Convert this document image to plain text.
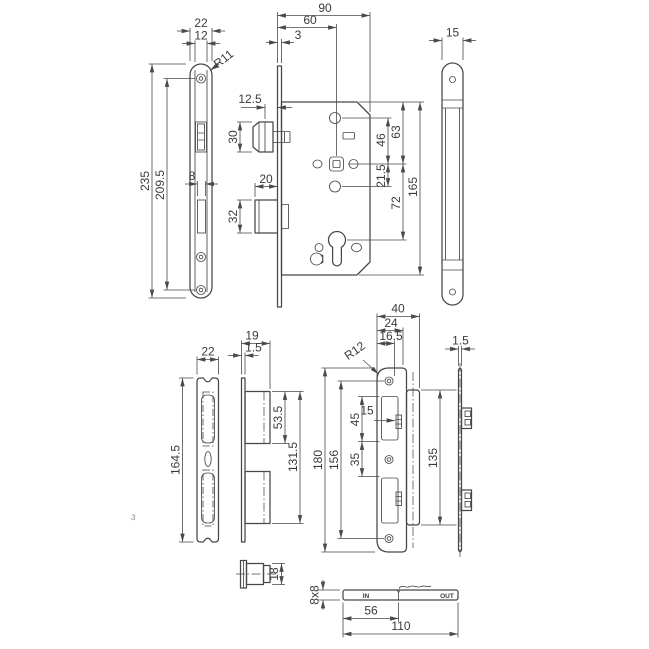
22
12
R11
235 209.5 8
90
60
3
12.5
30
20
32
46
63
21.5
72
165
15
22
164.5
19
1.5
53.5
131.5
40
24
16.5
R12
15
45
35
180 156	135
1.5
18
IN	OUT
8x8
56
110
3
